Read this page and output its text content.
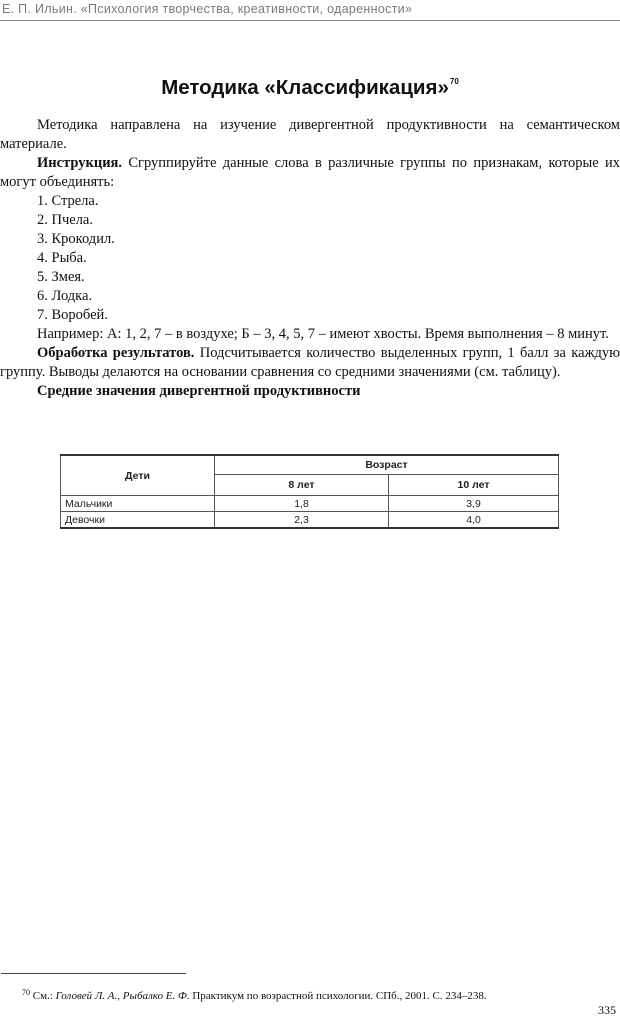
Е. П. Ильин. «Психология творчества, креативности, одаренности»
Методика «Классификация»$^{70}$

Методика направлена на изучение дивергентной продуктивности на семантическом материале.

Инструкция. Сгруппируйте данные слова в различные группы по признакам, которые их могут объединять:

1. Стрела.

2. Пчела.

3. Крокодил.

4. Рыба.

5. Змея.

6. Лодка.

7. Воробей.

Например: А: 1, 2, 7 – в воздухе; Б – 3, 4, 5, 7 – имеют хвосты. Время выполнения – 8 минут.

Обработка результатов. Подсчитывается количество выделенных групп, 1 балл за каждую группу. Выводы делаются на основании сравнения со средними значениями (см. таблицу).

Средние значения дивергентной продуктивности

Дети	Возраст	
	8 лет	10 лет
Мальчики	1,8	3,9
Девочки	2,3	4,0
$^{70}$ См.: Головей Л. А., Рыбалко Е. Ф. Практикум по возрастной психологии. СПб., 2001. С. 234–238.
335
